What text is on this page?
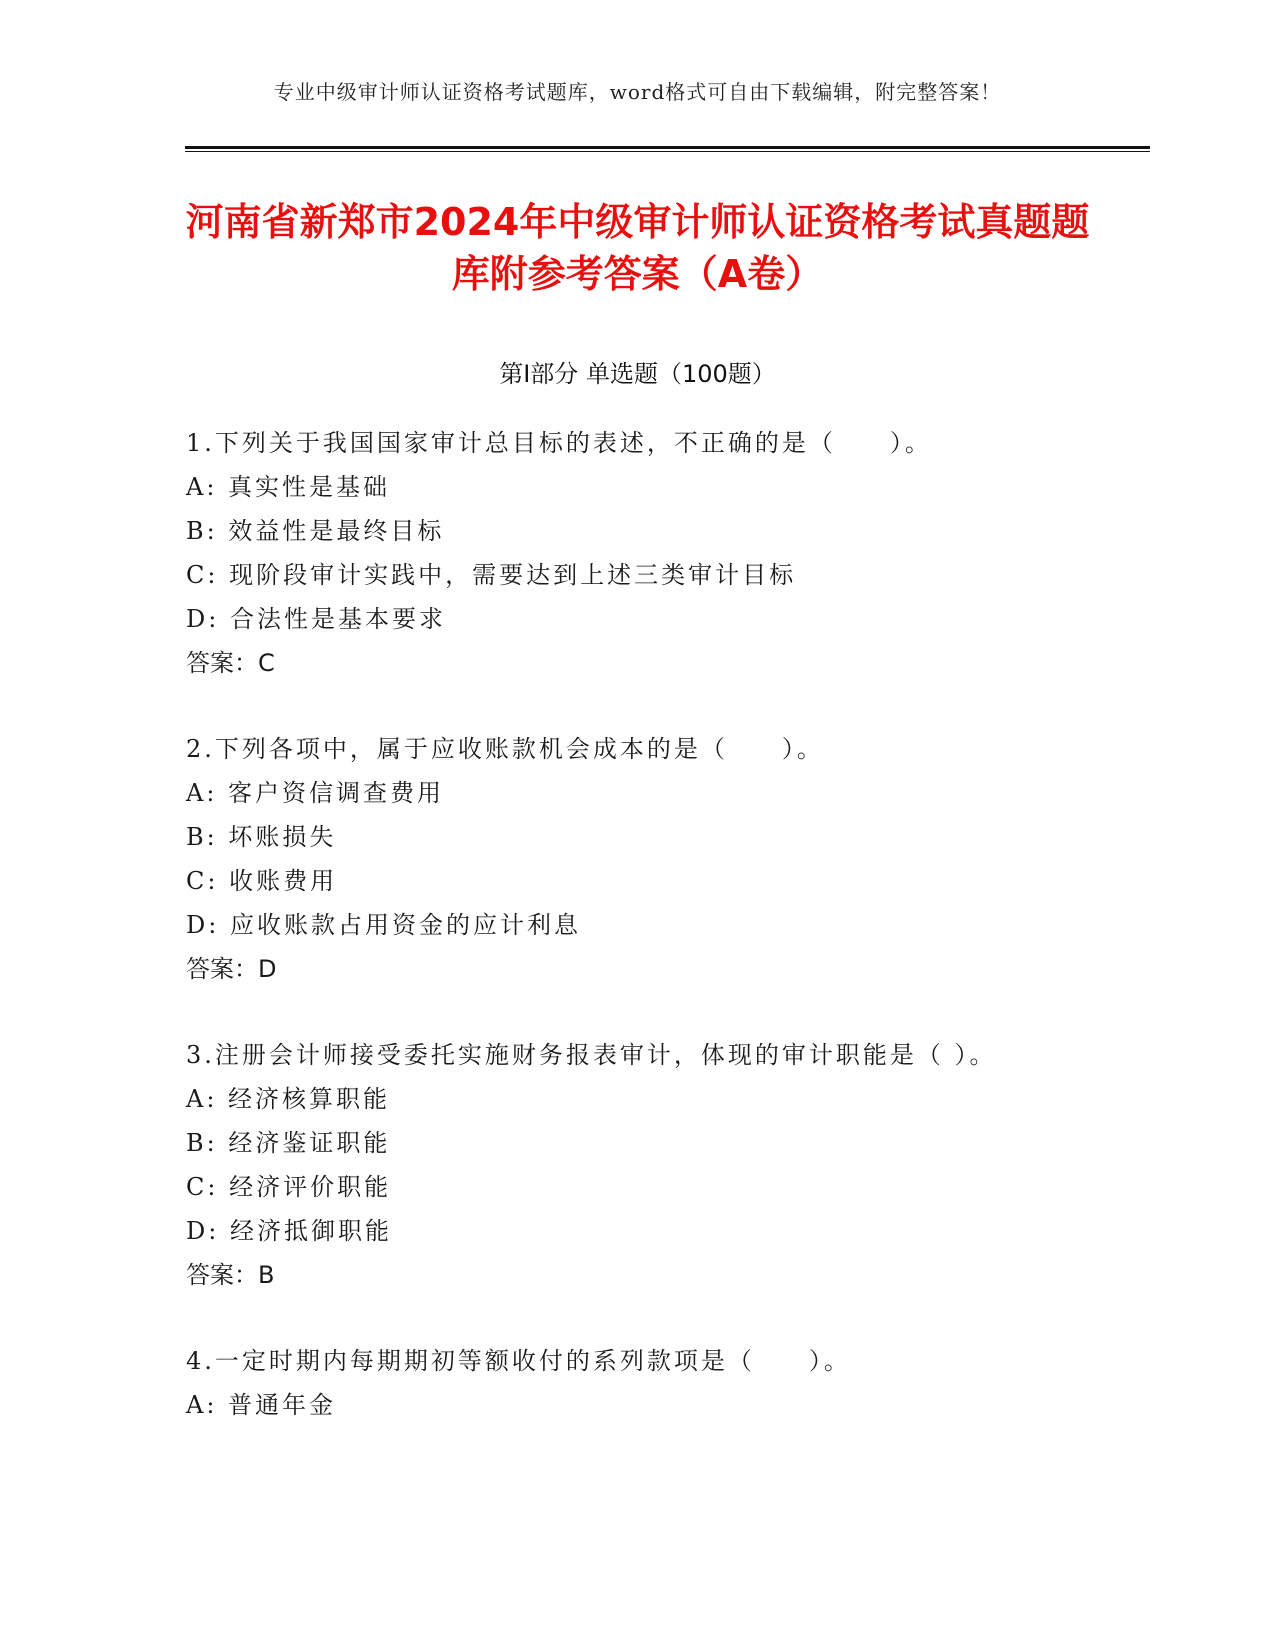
专业中级审计师认证资格考试题库，word格式可自由下载编辑，附完整答案！
河南省新郑市2024年中级审计师认证资格考试真题题库附参考答案（A卷）
第Ⅰ部分 单选题（100题）
1.下列关于我国国家审计总目标的表述，不正确的是（　　）。
A: 真实性是基础
B: 效益性是最终目标
C: 现阶段审计实践中，需要达到上述三类审计目标
D: 合法性是基本要求
答案：C
2.下列各项中，属于应收账款机会成本的是（　　）。
A: 客户资信调查费用
B: 坏账损失
C: 收账费用
D: 应收账款占用资金的应计利息
答案：D
3.注册会计师接受委托实施财务报表审计，体现的审计职能是（ ）。
A: 经济核算职能
B: 经济鉴证职能
C: 经济评价职能
D: 经济抵御职能
答案：B
4.一定时期内每期期初等额收付的系列款项是（　　）。
A: 普通年金
